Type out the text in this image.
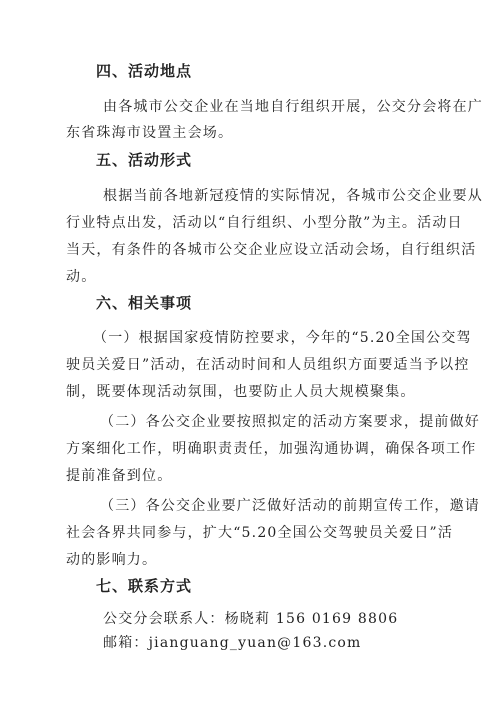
四、活动地点
由各城市公交企业在当地自行组织开展，公交分会将在广
东省珠海市设置主会场。
五、活动形式
根据当前各地新冠疫情的实际情况，各城市公交企业要从
行业特点出发，活动以“自行组织、小型分散”为主。活动日
当天，有条件的各城市公交企业应设立活动会场，自行组织活
动。
六、相关事项
（一）根据国家疫情防控要求，今年的“5.20全国公交驾
驶员关爱日”活动，在活动时间和人员组织方面要适当予以控
制，既要体现活动氛围，也要防止人员大规模聚集。
（二）各公交企业要按照拟定的活动方案要求，提前做好
方案细化工作，明确职责责任，加强沟通协调，确保各项工作
提前准备到位。
（三）各公交企业要广泛做好活动的前期宣传工作，邀请
社会各界共同参与，扩大“5.20全国公交驾驶员关爱日”活
动的影响力。
七、联系方式
公交分会联系人：杨晓莉 156 0169 8806
邮箱：jianguang_yuan@163.com
